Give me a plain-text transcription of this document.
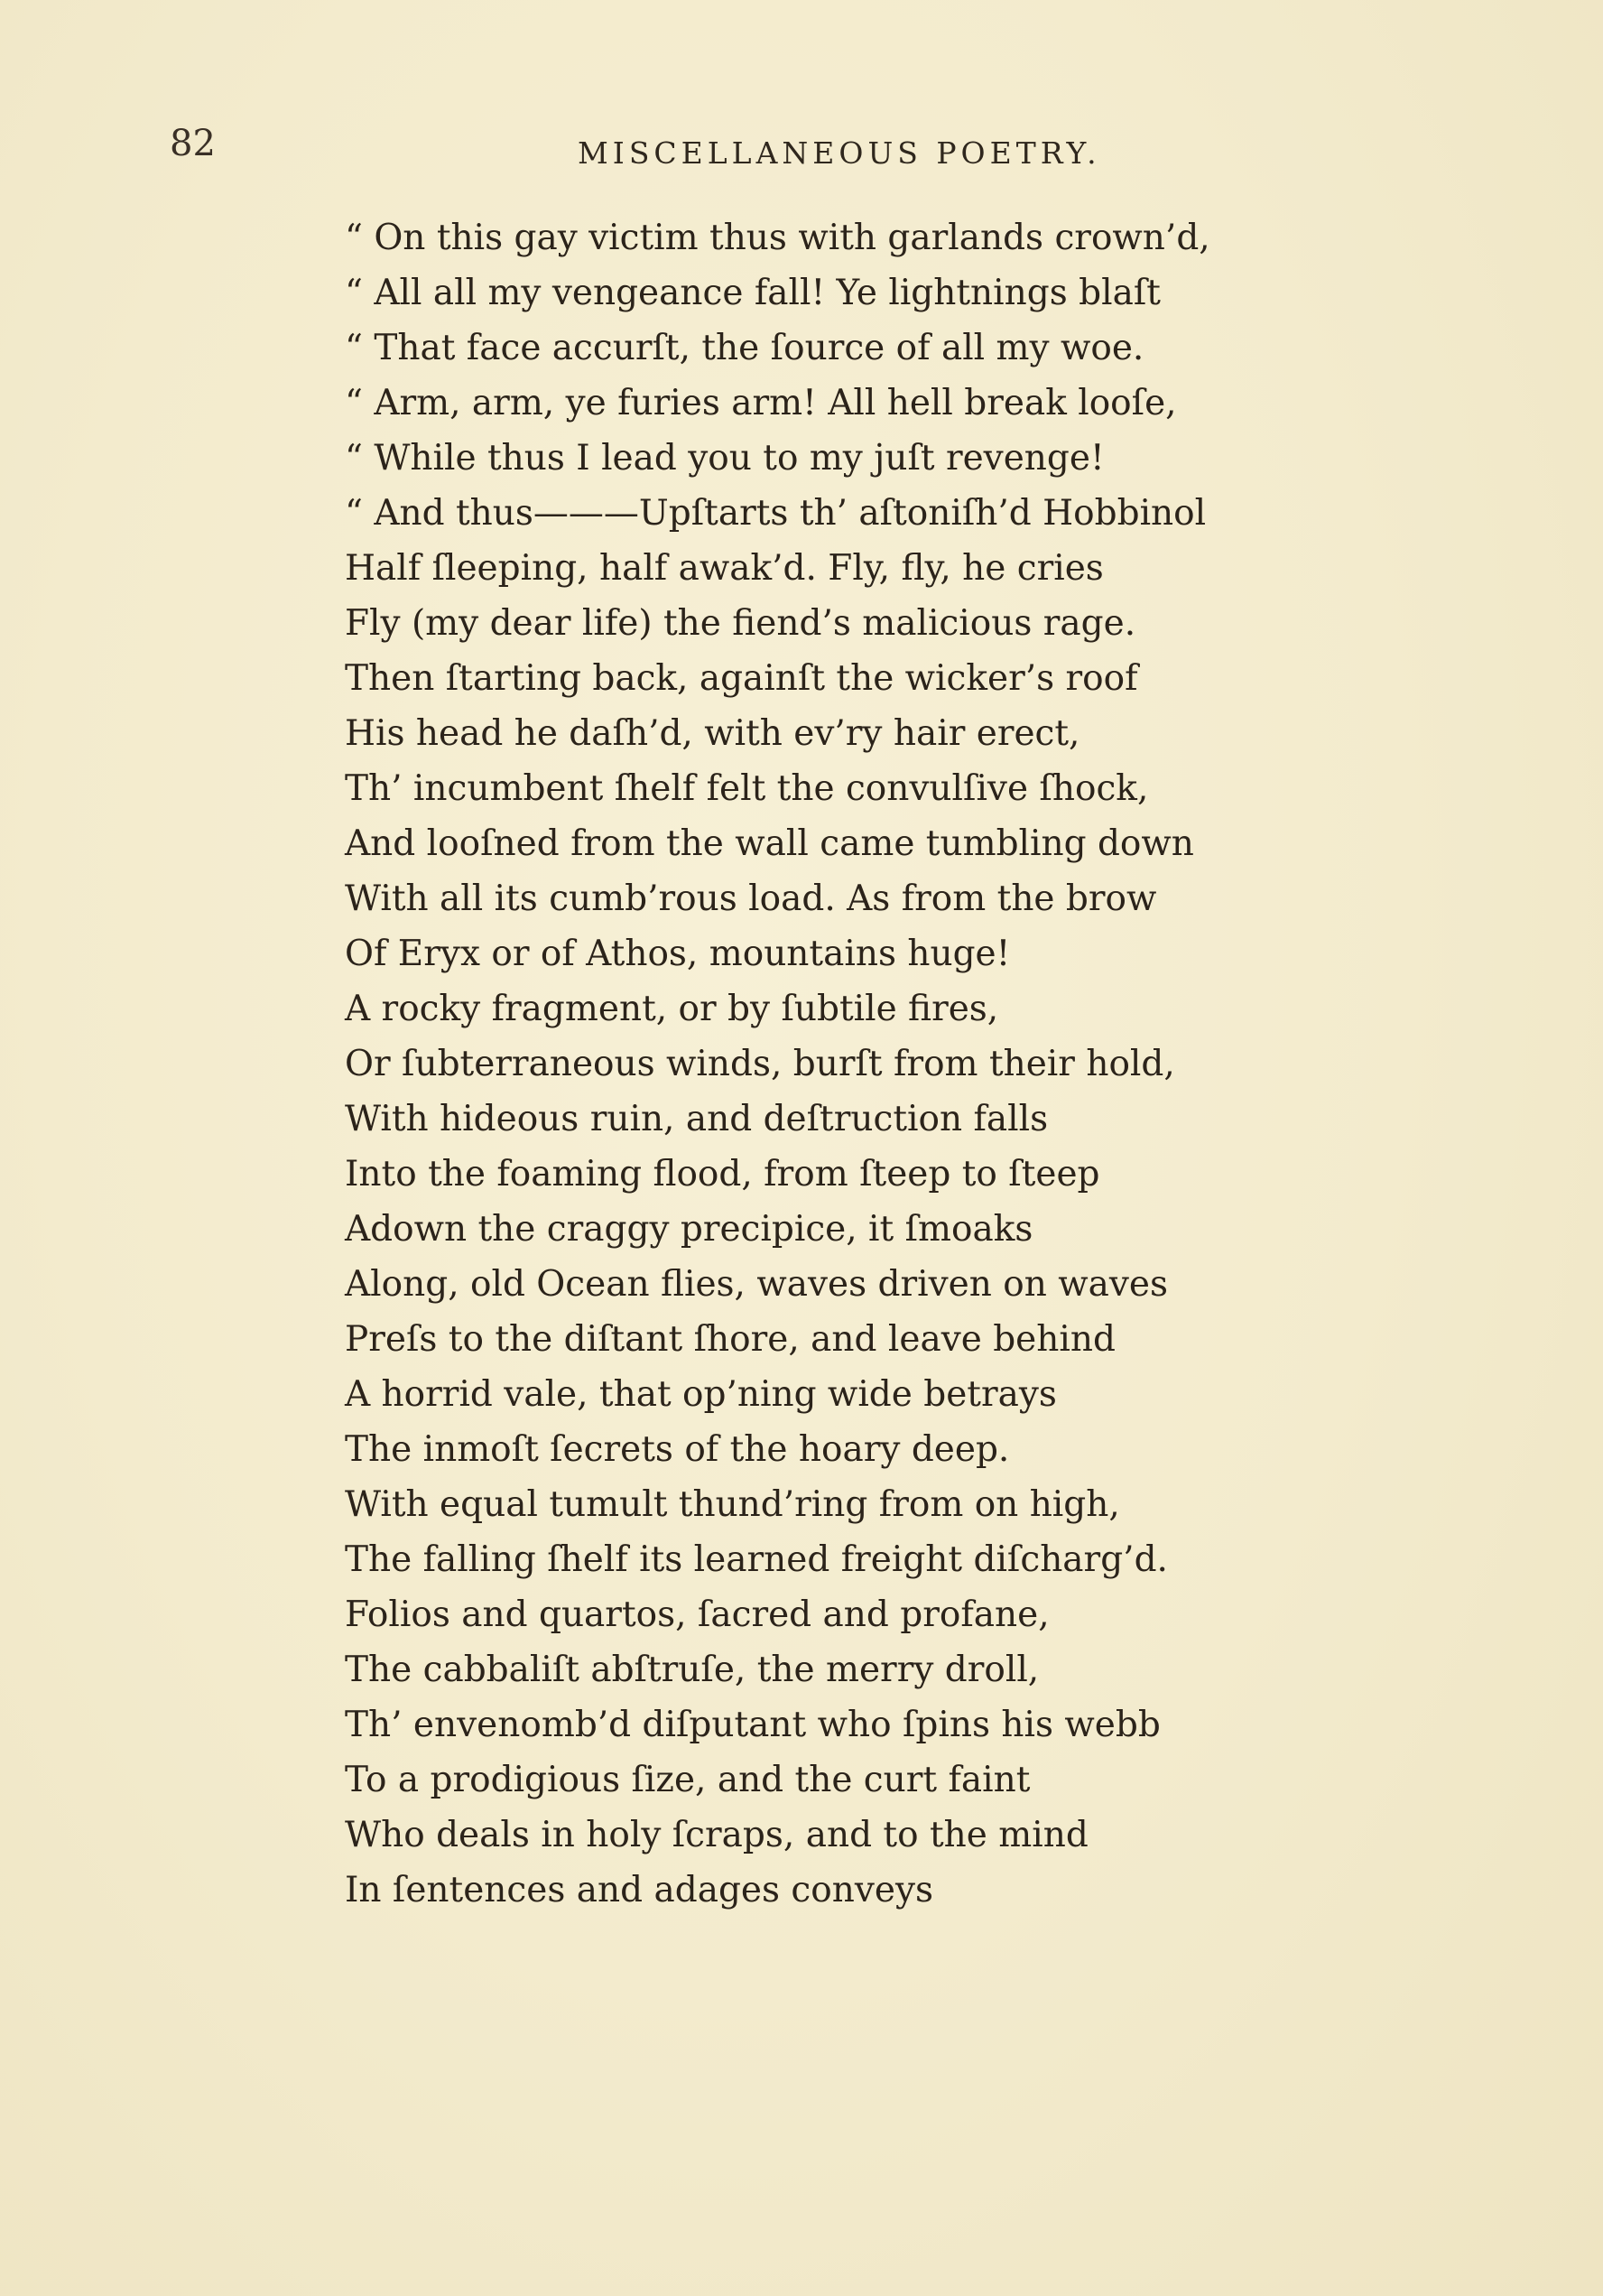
82	MISCELLANEOUS POETRY.
“ On this gay victim thus with garlands crown’d,
“ All all my vengeance fall! Ye lightnings blaſt
“ That face accurſt, the ſource of all my woe.
“ Arm, arm, ye furies arm! All hell break looſe,
“ While thus I lead you to my juſt revenge!
“ And thus———Upſtarts th’ aſtoniſh’d Hobbinol
Half ſleeping, half awak’d. Fly, fly, he cries
Fly (my dear life) the fiend’s malicious rage.
Then ſtarting back, againſt the wicker’s roof
His head he daſh’d, with ev’ry hair erect,
Th’ incumbent ſhelf felt the convulſive ſhock,
And looſned from the wall came tumbling down
With all its cumb’rous load. As from the brow
Of Eryx or of Athos, mountains huge!
A rocky fragment, or by ſubtile fires,
Or ſubterraneous winds, burſt from their hold,
With hideous ruin, and deſtruction falls
Into the foaming flood, from ſteep to ſteep
Adown the craggy precipice, it ſmoaks
Along, old Ocean flies, waves driven on waves
Preſs to the diſtant ſhore, and leave behind
A horrid vale, that op’ning wide betrays
The inmoſt ſecrets of the hoary deep.
With equal tumult thund’ring from on high,
The falling ſhelf its learned freight diſcharg’d.
Folios and quartos, ſacred and profane,
The cabbaliſt abſtruſe, the merry droll,
Th’ envenomb’d diſputant who ſpins his webb
To a prodigious ſize, and the curt faint
Who deals in holy ſcraps, and to the mind
In ſentences and adages conveys
